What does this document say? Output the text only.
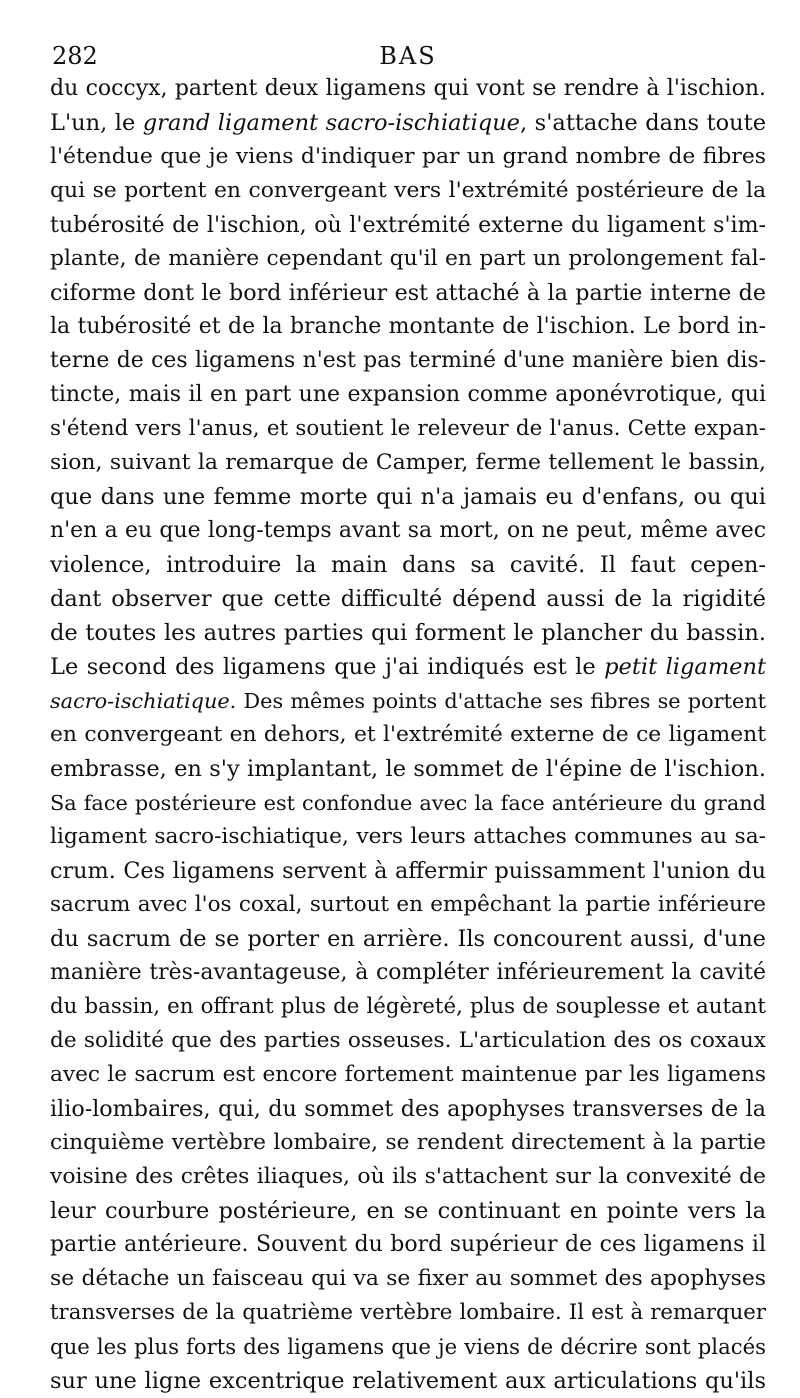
282	BAS
du coccyx, partent deux ligamens qui vont se rendre à l'ischion.
L'un, le grand ligament sacro-ischiatique, s'attache dans toute
l'étendue que je viens d'indiquer par un grand nombre de fibres
qui se portent en convergeant vers l'extrémité postérieure de la
tubérosité de l'ischion, où l'extrémité externe du ligament s'im-
plante, de manière cependant qu'il en part un prolongement fal-
ciforme dont le bord inférieur est attaché à la partie interne de
la tubérosité et de la branche montante de l'ischion. Le bord in-
terne de ces ligamens n'est pas terminé d'une manière bien dis-
tincte, mais il en part une expansion comme aponévrotique, qui
s'étend vers l'anus, et soutient le releveur de l'anus. Cette expan-
sion, suivant la remarque de Camper, ferme tellement le bassin,
que dans une femme morte qui n'a jamais eu d'enfans, ou qui
n'en a eu que long-temps avant sa mort, on ne peut, même avec
violence, introduire la main dans sa cavité. Il faut cepen-
dant observer que cette difficulté dépend aussi de la rigidité
de toutes les autres parties qui forment le plancher du bassin.
Le second des ligamens que j'ai indiqués est le petit ligament
sacro-ischiatique. Des mêmes points d'attache ses fibres se portent
en convergeant en dehors, et l'extrémité externe de ce ligament
embrasse, en s'y implantant, le sommet de l'épine de l'ischion.
Sa face postérieure est confondue avec la face antérieure du grand
ligament sacro-ischiatique, vers leurs attaches communes au sa-
crum. Ces ligamens servent à affermir puissamment l'union du
sacrum avec l'os coxal, surtout en empêchant la partie inférieure
du sacrum de se porter en arrière. Ils concourent aussi, d'une
manière très-avantageuse, à compléter inférieurement la cavité
du bassin, en offrant plus de légèreté, plus de souplesse et autant
de solidité que des parties osseuses. L'articulation des os coxaux
avec le sacrum est encore fortement maintenue par les ligamens
ilio-lombaires, qui, du sommet des apophyses transverses de la
cinquième vertèbre lombaire, se rendent directement à la partie
voisine des crêtes iliaques, où ils s'attachent sur la convexité de
leur courbure postérieure, en se continuant en pointe vers la
partie antérieure. Souvent du bord supérieur de ces ligamens il
se détache un faisceau qui va se fixer au sommet des apophyses
transverses de la quatrième vertèbre lombaire. Il est à remarquer
que les plus forts des ligamens que je viens de décrire sont placés
sur une ligne excentrique relativement aux articulations qu'ils
